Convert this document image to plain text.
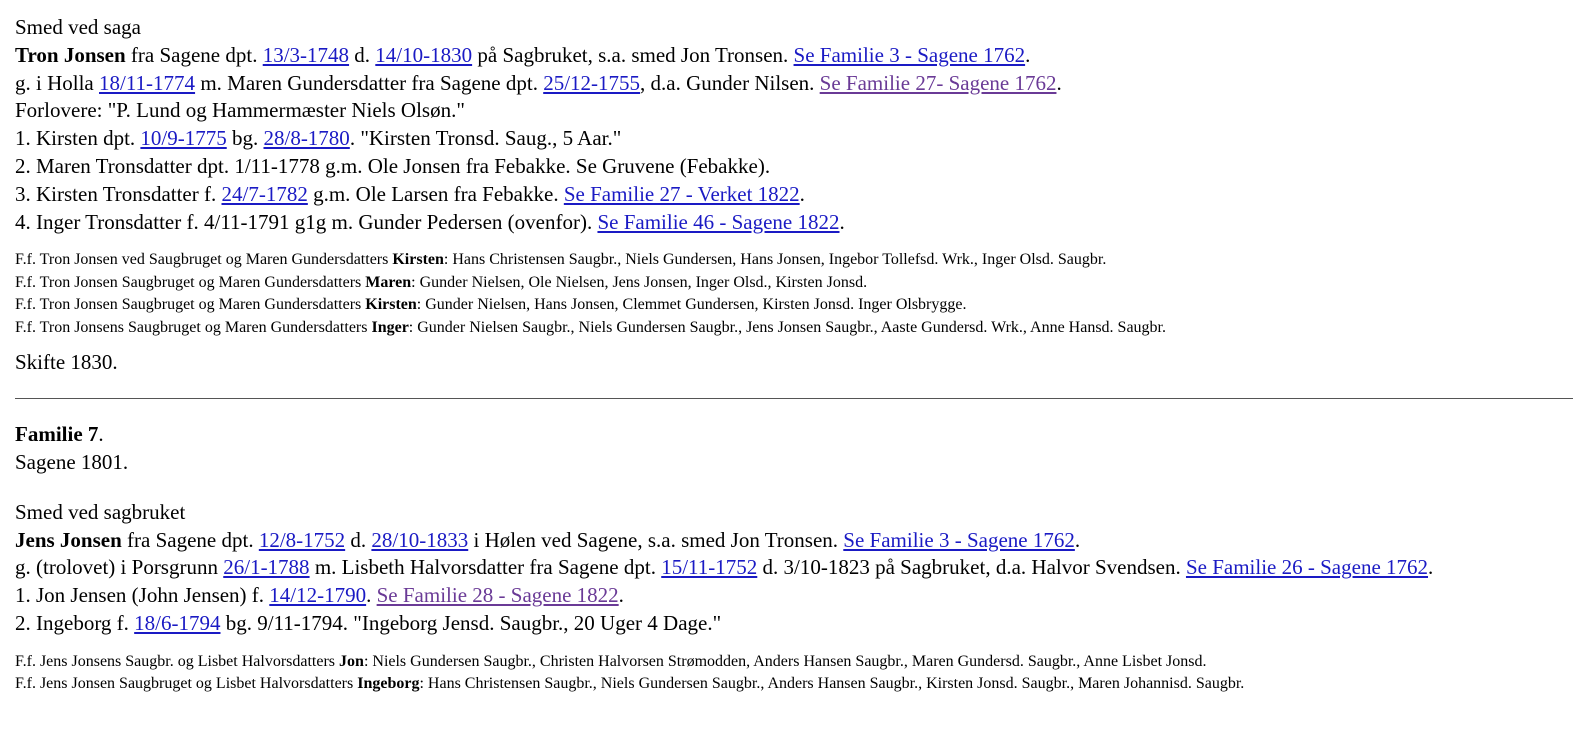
Smed ved saga
Tron Jonsen fra Sagene dpt. 13/3-1748 d. 14/10-1830 på Sagbruket, s.a. smed Jon Tronsen. Se Familie 3 - Sagene 1762.
g. i Holla 18/11-1774 m. Maren Gundersdatter fra Sagene dpt. 25/12-1755, d.a. Gunder Nilsen. Se Familie 27- Sagene 1762.
Forlovere: "P. Lund og Hammermæster Niels Olsøn."
1. Kirsten dpt. 10/9-1775 bg. 28/8-1780. "Kirsten Tronsd. Saug., 5 Aar."
2. Maren Tronsdatter dpt. 1/11-1778 g.m. Ole Jonsen fra Febakke. Se Gruvene (Febakke).
3. Kirsten Tronsdatter f. 24/7-1782 g.m. Ole Larsen fra Febakke. Se Familie 27 - Verket 1822.
4. Inger Tronsdatter f. 4/11-1791 g1g m. Gunder Pedersen (ovenfor). Se Familie 46 - Sagene 1822.
F.f. Tron Jonsen ved Saugbruget og Maren Gundersdatters Kirsten: Hans Christensen Saugbr., Niels Gundersen, Hans Jonsen, Ingebor Tollefsd. Wrk., Inger Olsd. Saugbr.
F.f. Tron Jonsen Saugbruget og Maren Gundersdatters Maren: Gunder Nielsen, Ole Nielsen, Jens Jonsen, Inger Olsd., Kirsten Jonsd.
F.f. Tron Jonsen Saugbruget og Maren Gundersdatters Kirsten: Gunder Nielsen, Hans Jonsen, Clemmet Gundersen, Kirsten Jonsd. Inger Olsbrygge.
F.f. Tron Jonsens Saugbruget og Maren Gundersdatters Inger: Gunder Nielsen Saugbr., Niels Gundersen Saugbr., Jens Jonsen Saugbr., Aaste Gundersd. Wrk., Anne Hansd. Saugbr.
Skifte 1830.
Familie 7.
Sagene 1801.
Smed ved sagbruket
Jens Jonsen fra Sagene dpt. 12/8-1752 d. 28/10-1833 i Hølen ved Sagene, s.a. smed Jon Tronsen. Se Familie 3 - Sagene 1762.
g. (trolovet) i Porsgrunn 26/1-1788 m. Lisbeth Halvorsdatter fra Sagene dpt. 15/11-1752 d. 3/10-1823 på Sagbruket, d.a. Halvor Svendsen. Se Familie 26 - Sagene 1762.
1. Jon Jensen (John Jensen) f. 14/12-1790. Se Familie 28 - Sagene 1822.
2. Ingeborg f. 18/6-1794 bg. 9/11-1794. "Ingeborg Jensd. Saugbr., 20 Uger 4 Dage."
F.f. Jens Jonsens Saugbr. og Lisbet Halvorsdatters Jon: Niels Gundersen Saugbr., Christen Halvorsen Strømodden, Anders Hansen Saugbr., Maren Gundersd. Saugbr., Anne Lisbet Jonsd.
F.f. Jens Jonsen Saugbruget og Lisbet Halvorsdatters Ingeborg: Hans Christensen Saugbr., Niels Gundersen Saugbr., Anders Hansen Saugbr., Kirsten Jonsd. Saugbr., Maren Johannisd. Saugbr.
